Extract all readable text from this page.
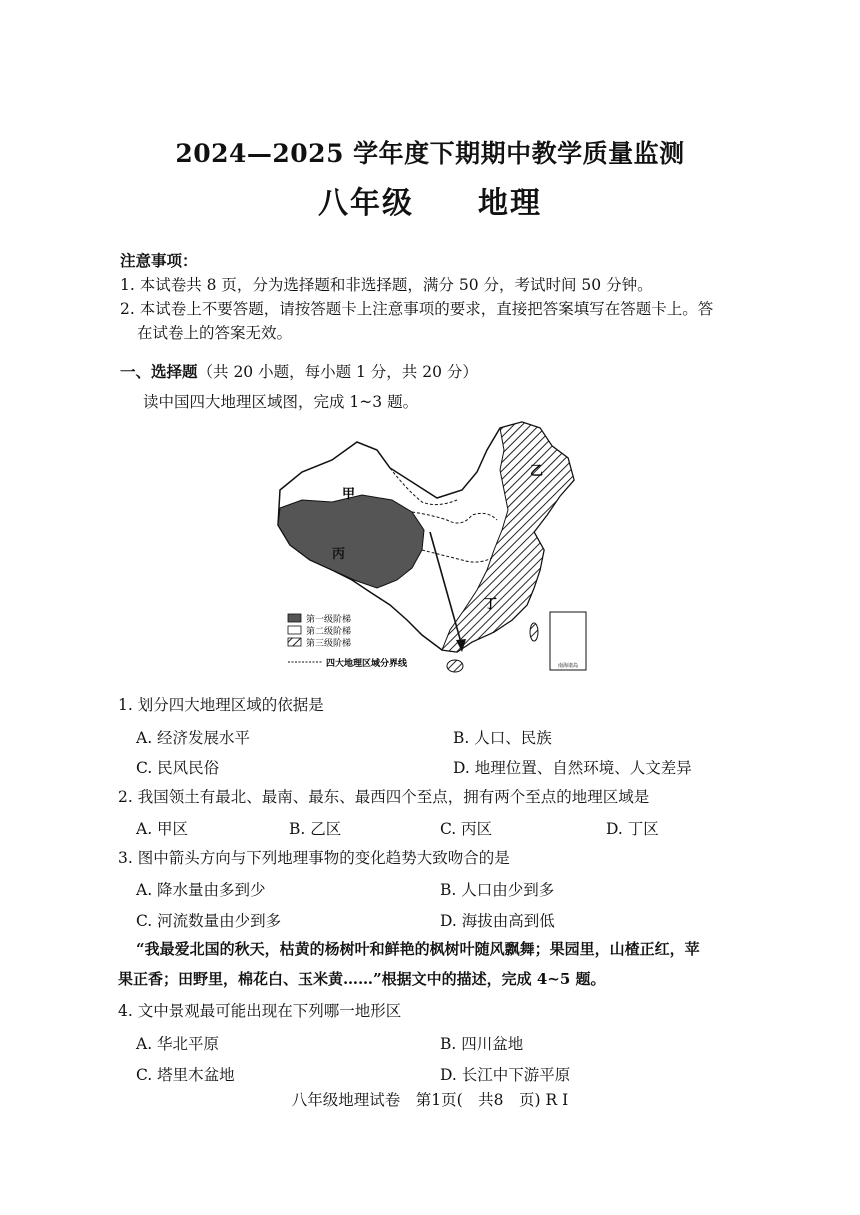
2024—2025 学年度下期期中教学质量监测
八年级 地理
注意事项：
1. 本试卷共 8 页，分为选择题和非选择题，满分 50 分，考试时间 50 分钟。
2. 本试卷上不要答题，请按答题卡上注意事项的要求，直接把答案填写在答题卡上。答
在试卷上的答案无效。
一、选择题（共 20 小题，每小题 1 分，共 20 分）
读中国四大地理区域图，完成 1~3 题。
南海诸岛
甲
乙
丙
丁
第一级阶梯
第二级阶梯
第三级阶梯
四大地理区域分界线
1. 划分四大地理区域的依据是
A. 经济发展水平	B. 人口、民族
C. 民风民俗	D. 地理位置、自然环境、人文差异
2. 我国领土有最北、最南、最东、最西四个至点，拥有两个至点的地理区域是
A. 甲区	B. 乙区	C. 丙区	D. 丁区
3. 图中箭头方向与下列地理事物的变化趋势大致吻合的是
A. 降水量由多到少	B. 人口由少到多
C. 河流数量由少到多	D. 海拔由高到低
“我最爱北国的秋天，枯黄的杨树叶和鲜艳的枫树叶随风飘舞；果园里，山楂正红，苹
果正香；田野里，棉花白、玉米黄……”根据文中的描述，完成 4~5 题。
4. 文中景观最可能出现在下列哪一地形区
A. 华北平原	B. 四川盆地
C. 塔里木盆地	D. 长江中下游平原
八年级地理试卷　第1页(　共8　页) R I
